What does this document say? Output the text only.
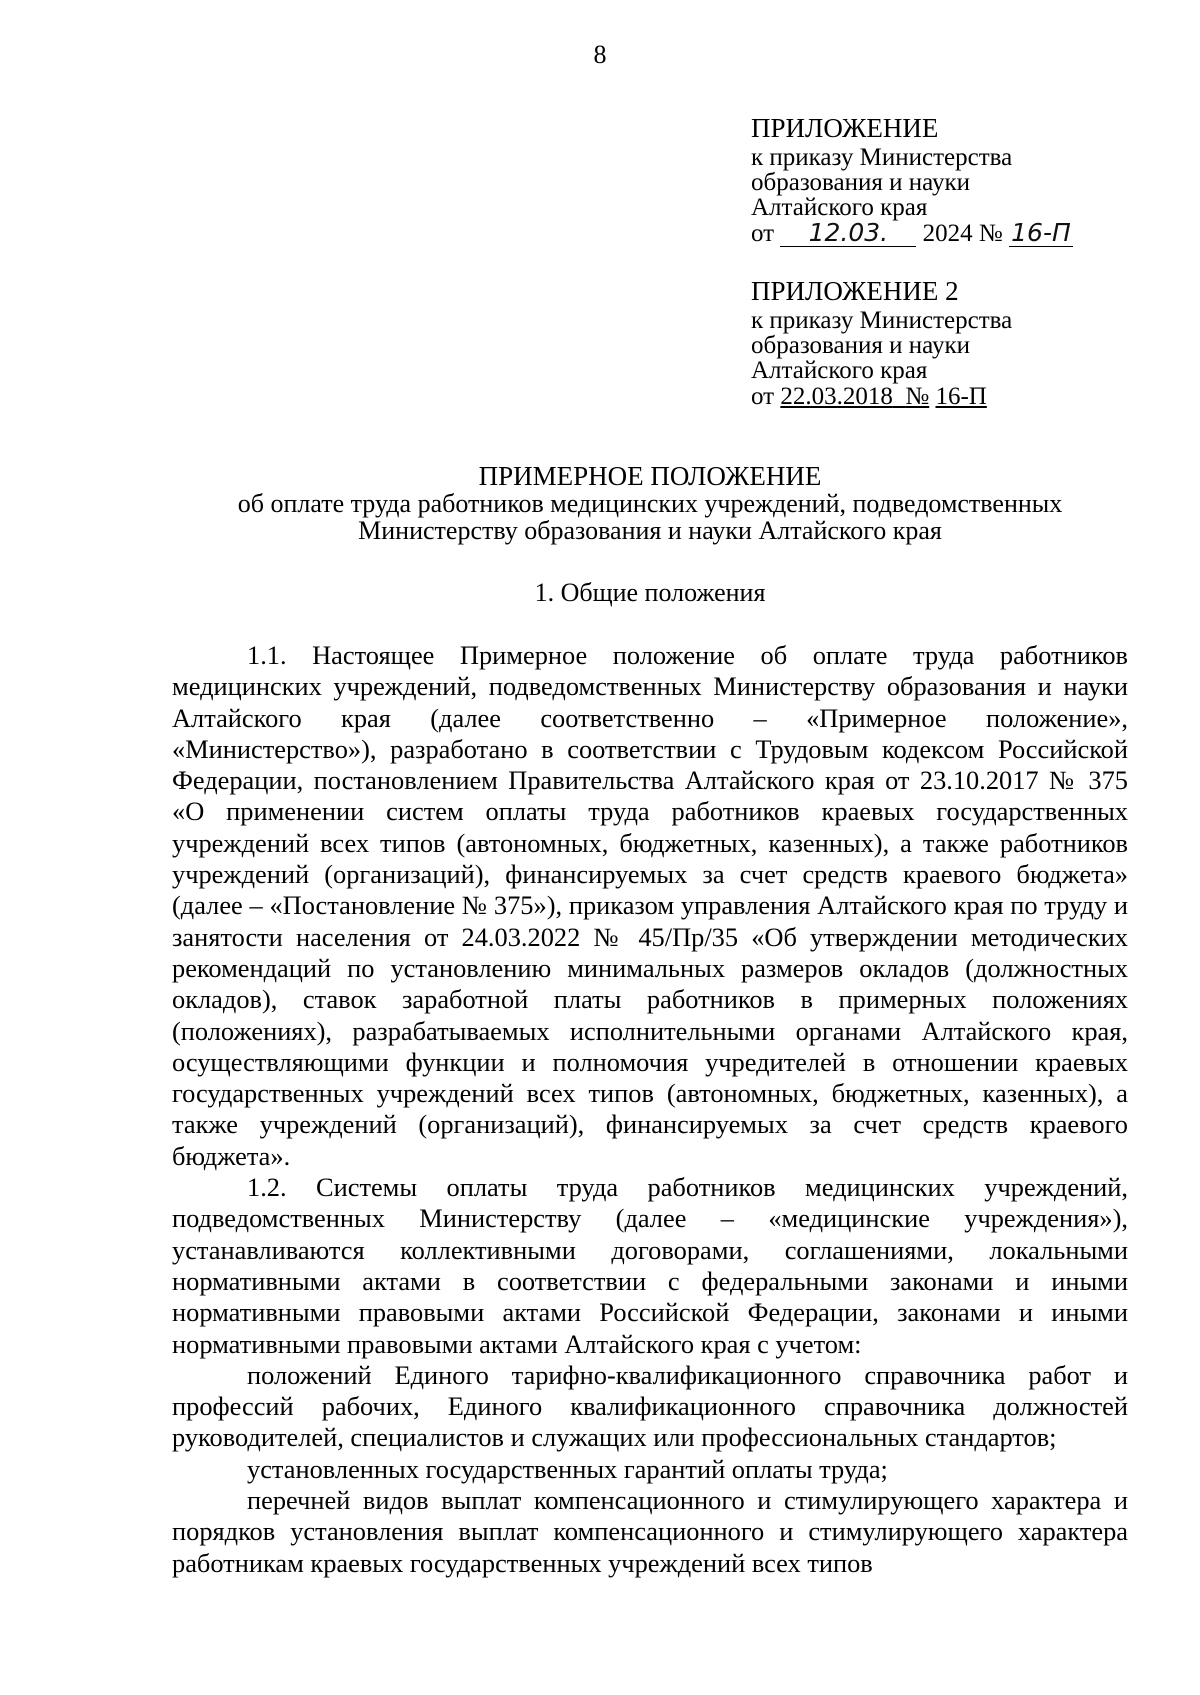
8
ПРИЛОЖЕНИЕ
к приказу Министерства
образования и науки
Алтайского края
от 12.03. 2024 № 16-П
ПРИЛОЖЕНИЕ 2
к приказу Министерства
образования и науки
Алтайского края
от 22.03.2018 № 16-П
ПРИМЕРНОЕ ПОЛОЖЕНИЕ
об оплате труда работников медицинских учреждений, подведомственных
Министерству образования и науки Алтайского края
1. Общие положения

1.1. Настоящее Примерное положение об оплате труда работников медицинских учреждений, подведомственных Министерству образования и науки Алтайского края (далее соответственно – «Примерное положение», «Министерство»), разработано в соответствии с Трудовым кодексом Российской Федерации, постановлением Правительства Алтайского края от 23.10.2017 № 375 «О применении систем оплаты труда работников краевых государственных учреждений всех типов (автономных, бюджетных, казенных), а также работников учреждений (организаций), финансируемых за счет средств краевого бюджета» (далее – «Постановление № 375»), приказом управления Алтайского края по труду и занятости населения от 24.03.2022 № 45/Пр/35 «Об утверждении методических рекомендаций по установлению минимальных размеров окладов (должностных окладов), ставок заработной платы работников в примерных положениях (положениях), разрабатываемых исполнительными органами Алтайского края, осуществляющими функции и полномочия учредителей в отношении краевых государственных учреждений всех типов (автономных, бюджетных, казенных), а также учреждений (организаций), финансируемых за счет средств краевого бюджета».

1.2. Системы оплаты труда работников медицинских учреждений, подведомственных Министерству (далее – «медицинские учреждения»), устанавливаются коллективными договорами, соглашениями, локальными нормативными актами в соответствии с федеральными законами и иными нормативными правовыми актами Российской Федерации, законами и иными нормативными правовыми актами Алтайского края с учетом:

положений Единого тарифно-квалификационного справочника работ и профессий рабочих, Единого квалификационного справочника должностей руководителей, специалистов и служащих или профессиональных стандартов;

установленных государственных гарантий оплаты труда;

перечней видов выплат компенсационного и стимулирующего характера и порядков установления выплат компенсационного и стимулирующего характера работникам краевых государственных учреждений всех типов
